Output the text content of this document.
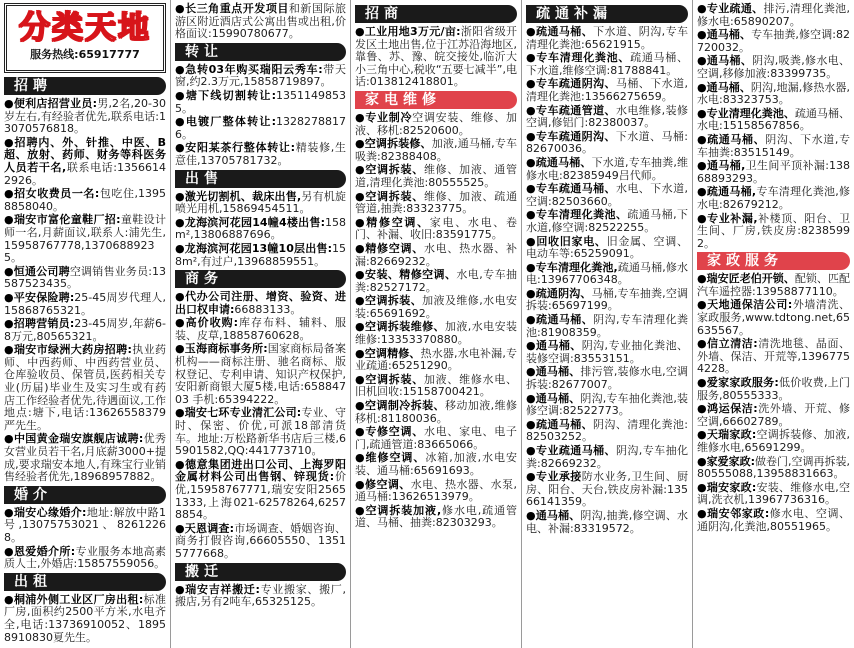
分类天地
服务热线:65917777
招聘

●便利店招营业员:男,2名,20-30岁左右,有经验者优先,联系电话:13070576818。

●招聘内、外、针推、中医、B超、放射、药师、财务等科医务人员若干名,联系电话:13566142926。

●招女收费员一名:包吃住,13958858040。

●瑞安市富伦童鞋厂招:童鞋设计师一名,月薪面议,联系人:浦先生,15958767778,13706889235。

●恒通公司聘空调销售业务员:13587523435。

●平安保险聘:25-45周岁代理人,15868765321。

●招聘营销员:23-45周岁,年薪6-8万元,80565321。

●瑞安市绿洲大药房招聘:执业药师、中西药师、中西药营业员、仓库验收员、保管员,医药相关专业(历届)毕业生及实习生或有药店工作经验者优先,待遇面议,工作地点:塘下,电话:13626558379严先生。

●中国黄金瑞安旗舰店诚聘:优秀女营业员若干名,月底薪3000+提成,要求瑞安本地人,有珠宝行业销售经验者优先,18968957882。

婚介

●瑞安心缘婚介:地址:解放中路1号,13075753021、82612268。

●恩爱婚介所:专业服务本地高素质人士,外婚店:15857559056。

出租

●桐浦外侧工业区厂房出租:标准厂房,面积约2500平方米,水电齐全,电话:13736910052、18958910830夏先生。

●长三角重点开发项目和新国际旅游区附近酒店式公寓出售或出租,价格面议:15990780677。

转让

●急转03年购买瑞阳云秀车:带天窗,约2.3万元,15858719897。

●塘下线切割转让:13511498535。

●电镀厂整体转让:13282788176。

●安阳某茶行整体转让:精装修,生意佳,13705781732。

出售

●激光切割机、裁床出售,另有机旋喷光用机,15869454511。

●龙海滨河花园14幢4楼出售:158m²,13806887696。

●龙海滨河花园13幢10层出售:158m²,有过户,13968859551。

商务

●代办公司注册、增资、验资、进出口权申请:66883133。

●高价收购:库存布料、辅料、服装、皮草,18858760628。

●玉海商标事务所:国家商标局备案机构——商标注册、驰名商标、版权登记、专利申请、知识产权保护,安阳新商银大厦5楼,电话:65884703 手机:65394222。

●瑞安七环专业清汇公司:专业、守时、保密、价优,可派18部清货车。地址:万松路新华书店后三楼,65901582,QQ:441773710。

●德意集团进出口公司、上海罗阳金属材料公司出售钢、锌现货:价优,15958767771,瑞安安阳25651333,上海021-62578264,62578854。

●天恩调查:市场调查、婚姻咨询、商务打假咨询,66605550、13515777668。

搬迁

●瑞安吉祥搬迁:专业搬家、搬厂,搬店,另有2吨车,65325125。

招商

●工业用地3万元/亩:浙阳省级开发区土地出售,位于江苏沿海地区,靠鲁、苏、豫、皖交接处,临沂大小三角中心,税收“五要七减半”,电话:013812418801。

家电维修

●专业制冷空调安装、维修、加液、移机:82520600。

●空调拆装修、加液,通马桶,专车吸粪:82388408。

●空调拆装、维修、加液、通管道,清理化粪池:80555525。

●空调拆装、维修、加液、疏通管道,抽粪:83323775。

●精修空调、家电、水电、卷门、补漏、收旧:83591775。

●精修空调、水电、热水器、补漏:82669232。

●安装、精修空调、水电,专车抽粪:82527172。

●空调拆装、加液及维修,水电安装:65691692。

●空调拆装维修、加液,水电安装维修:13353370880。

●空调精修、热水器,水电补漏,专业疏通:65251290。

●空调拆装、加液、维修水电、旧机回收:15158700421。

●空调制冷拆装、移动加液,维修移机:81180036。

●专修空调、水电、家电、电子门,疏通管道:83665066。

●维修空调、冰箱,加液,水电安装、通马桶:65691693。

●修空调、水电、热水器、水泵,通马桶:13626513979。

●空调拆装加液,修水电,疏通管道、马桶、抽粪:82303293。

疏通补漏

●疏通马桶、下水道、阴沟,专车清理化粪池:65621915。

●专车清理化粪池、疏通马桶、下水道,维修空调:81788841。

●专车疏通阴沟、马桶、下水道,清理化粪池:13566275659。

●专车疏通管道、水电维修,装修空调,修铝门:82380037。

●专车疏通阴沟、下水道、马桶:82670036。

●疏通马桶、下水道,专车抽粪,维修水电:82385949吕代师。

●专车疏通马桶、水电、下水道,空调:82503660。

●专车清理化粪池、疏通马桶,下水道,修空调:82522255。

●回收旧家电、旧金属、空调、电动车等:65259091。

●专车清理化粪池,疏通马桶,修水电:13967706348。

●疏通阴沟、马桶,专车抽粪,空调拆装:65697199。

●疏通马桶、阴沟,专车清理化粪池:81908359。

●通马桶、阴沟,专业抽化粪池、装修空调:83553151。

●通马桶、排污管,装修水电,空调拆装:82677007。

●通马桶、阴沟,专车抽化粪池,装修空调:82522773。

●疏通马桶、阴沟、清理化粪池:82503252。

●专业疏通马桶、阴沟,专车抽化粪:82669232。

●专业承接防水业务,卫生间、厨房、阳台、天台,铁皮房补漏:13566141359。

●通马桶、阴沟,抽粪,修空调、水电、补漏:83319572。

●专业疏通、排污,清理化粪池,修水电:65890207。

●通马桶、专车抽粪,修空调:82720032。

●通马桶、阴沟,吸粪,修水电、空调,移修加液:83399735。

●通马桶、阴沟,地漏,修热水器,水电:83323753。

●专业清理化粪池、疏通马桶、水电:15158567856。

●疏通马桶、阴沟、下水道,专车抽粪:83515149。

●通马桶,卫生间平顶补漏:13868893293。

●疏通马桶,专车清理化粪池,修水电:82679212。

●专业补漏,补楼顶、阳台、卫生间、厂房,铁皮房:82385992。

家政服务

●瑞安匠老伯开锁、配锁、匹配汽车遥控器:13958877110。

●天地通保洁公司:外墙清洗、家政服务,www.tdtong.net,65635567。

●信立清洁:清洗地毯、晶面、外墙、保洁、开荒等,13967754228。

●爱家家政服务:低价收费,上门服务,80555333。

●鸿运保洁:洗外墙、开荒、修空调,66602789。

●天瑞家政:空调拆装修、加液,维修水电,65691299。

●家爱家政:做卷门,空调再拆装,80555088,13958831663。

●瑞安家政:安装、维修水电,空调,洗衣机,13967736316。

●瑞安邻家政:修水电、空调、通阴沟,化粪池,80551965。
